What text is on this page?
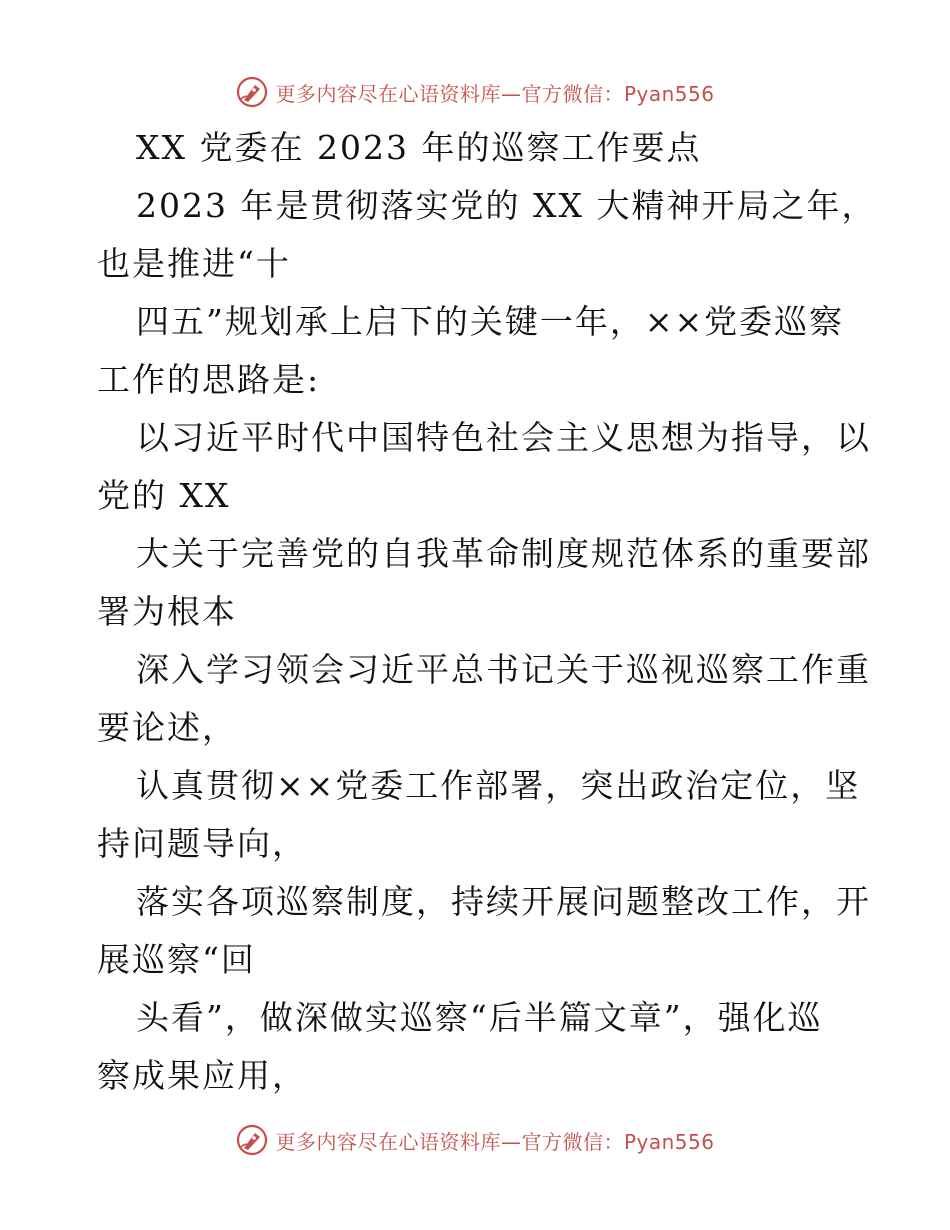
更多内容尽在心语资料库—官方微信：Pyan556
XX 党委在 2023 年的巡察工作要点
2023 年是贯彻落实党的 XX 大精神开局之年，
也是推进“十
四五”规划承上启下的关键一年，××党委巡察
工作的思路是:
以习近平时代中国特色社会主义思想为指导，以
党的 XX
大关于完善党的自我革命制度规范体系的重要部
署为根本
深入学习领会习近平总书记关于巡视巡察工作重
要论述，
认真贯彻××党委工作部署，突出政治定位，坚
持问题导向，
落实各项巡察制度，持续开展问题整改工作，开
展巡察“回
头看”，做深做实巡察“后半篇文章”，强化巡
察成果应用，
更多内容尽在心语资料库—官方微信：Pyan556
